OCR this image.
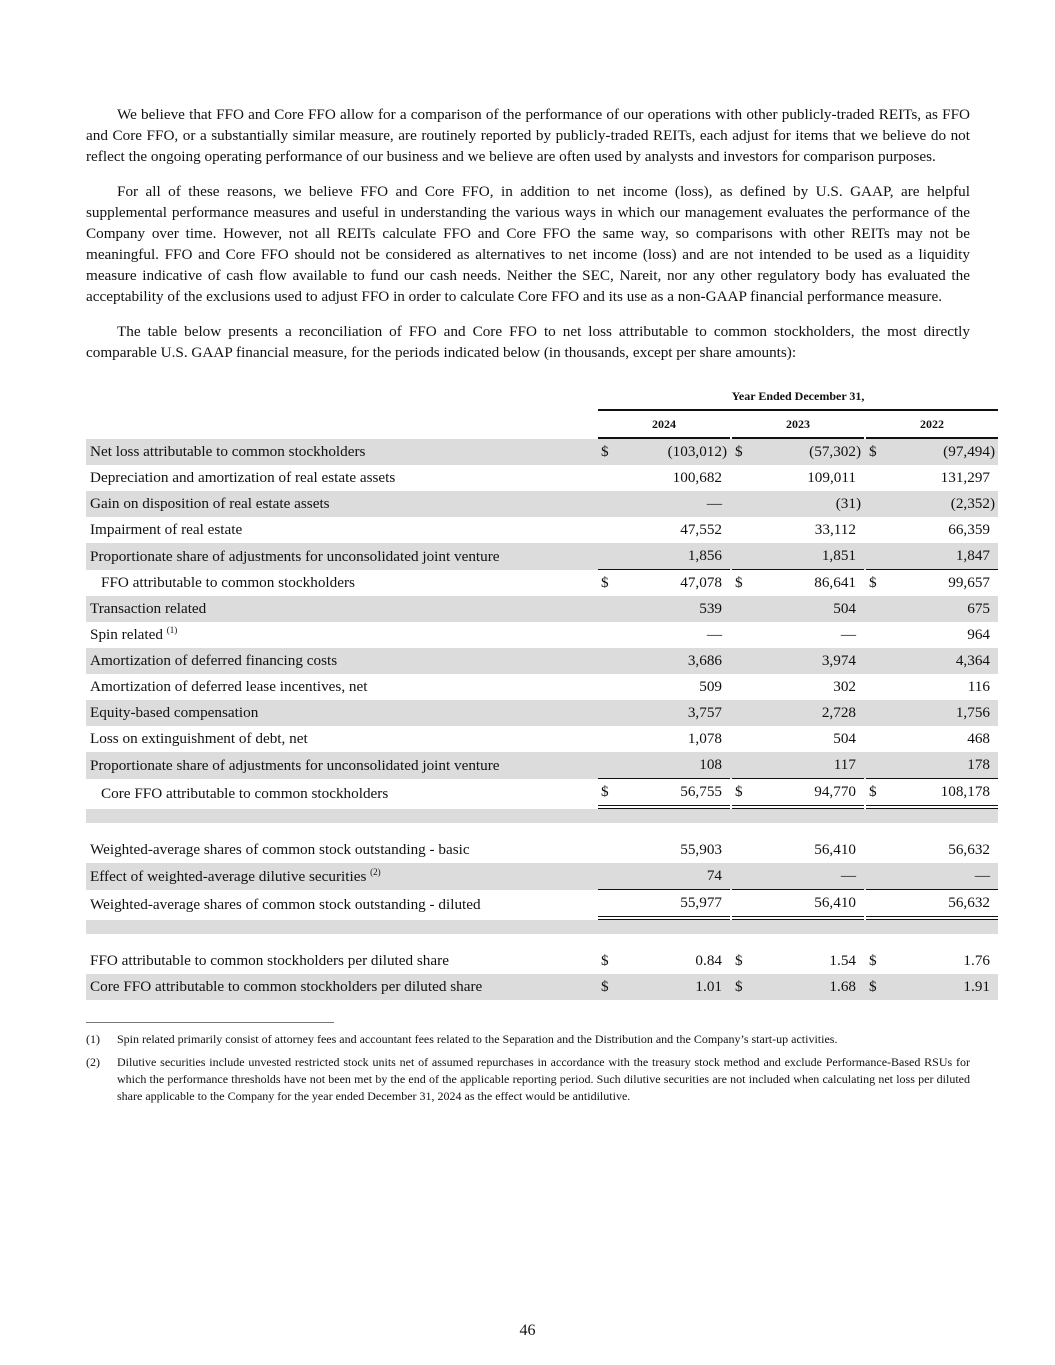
We believe that FFO and Core FFO allow for a comparison of the performance of our operations with other publicly-traded REITs, as FFO and Core FFO, or a substantially similar measure, are routinely reported by publicly-traded REITs, each adjust for items that we believe do not reflect the ongoing operating performance of our business and we believe are often used by analysts and investors for comparison purposes.

For all of these reasons, we believe FFO and Core FFO, in addition to net income (loss), as defined by U.S. GAAP, are helpful supplemental performance measures and useful in understanding the various ways in which our management evaluates the performance of the Company over time. However, not all REITs calculate FFO and Core FFO the same way, so comparisons with other REITs may not be meaningful. FFO and Core FFO should not be considered as alternatives to net income (loss) and are not intended to be used as a liquidity measure indicative of cash flow available to fund our cash needs. Neither the SEC, Nareit, nor any other regulatory body has evaluated the acceptability of the exclusions used to adjust FFO in order to calculate Core FFO and its use as a non-GAAP financial performance measure.

The table below presents a reconciliation of FFO and Core FFO to net loss attributable to common stockholders, the most directly comparable U.S. GAAP financial measure, for the periods indicated below (in thousands, except per share amounts):

	Year Ended December 31,										
	2024				2023				2022		
Net loss attributable to common stockholders	$	(103,012	)		$	(57,302	)		$	(97,494	)
Depreciation and amortization of real estate assets		100,682				109,011				131,297	
Gain on disposition of real estate assets		—				(31	)			(2,352	)
Impairment of real estate		47,552				33,112				66,359	
Proportionate share of adjustments for unconsolidated joint venture		1,856				1,851				1,847	
FFO attributable to common stockholders	$	47,078			$	86,641			$	99,657	
Transaction related		539				504				675	
Spin related $^{(1)}$		—				—				964	
Amortization of deferred financing costs		3,686				3,974				4,364	
Amortization of deferred lease incentives, net		509				302				116	
Equity-based compensation		3,757				2,728				1,756	
Loss on extinguishment of debt, net		1,078				504				468	
Proportionate share of adjustments for unconsolidated joint venture		108				117				178	
Core FFO attributable to common stockholders	$	56,755			$	94,770			$	108,178	

Weighted-average shares of common stock outstanding - basic		55,903				56,410				56,632	
Effect of weighted-average dilutive securities $^{(2)}$		74				—				—	
Weighted-average shares of common stock outstanding - diluted		55,977				56,410				56,632	

FFO attributable to common stockholders per diluted share	$	0.84			$	1.54			$	1.76	
Core FFO attributable to common stockholders per diluted share	$	1.01			$	1.68			$	1.91	
(1)	Spin related primarily consist of attorney fees and accountant fees related to the Separation and the Distribution and the Company’s start-up activities.
(2)	Dilutive securities include unvested restricted stock units net of assumed repurchases in accordance with the treasury stock method and exclude Performance-Based RSUs for which the performance thresholds have not been met by the end of the applicable reporting period. Such dilutive securities are not included when calculating net loss per diluted share applicable to the Company for the year ended December 31, 2024 as the effect would be antidilutive.
46
